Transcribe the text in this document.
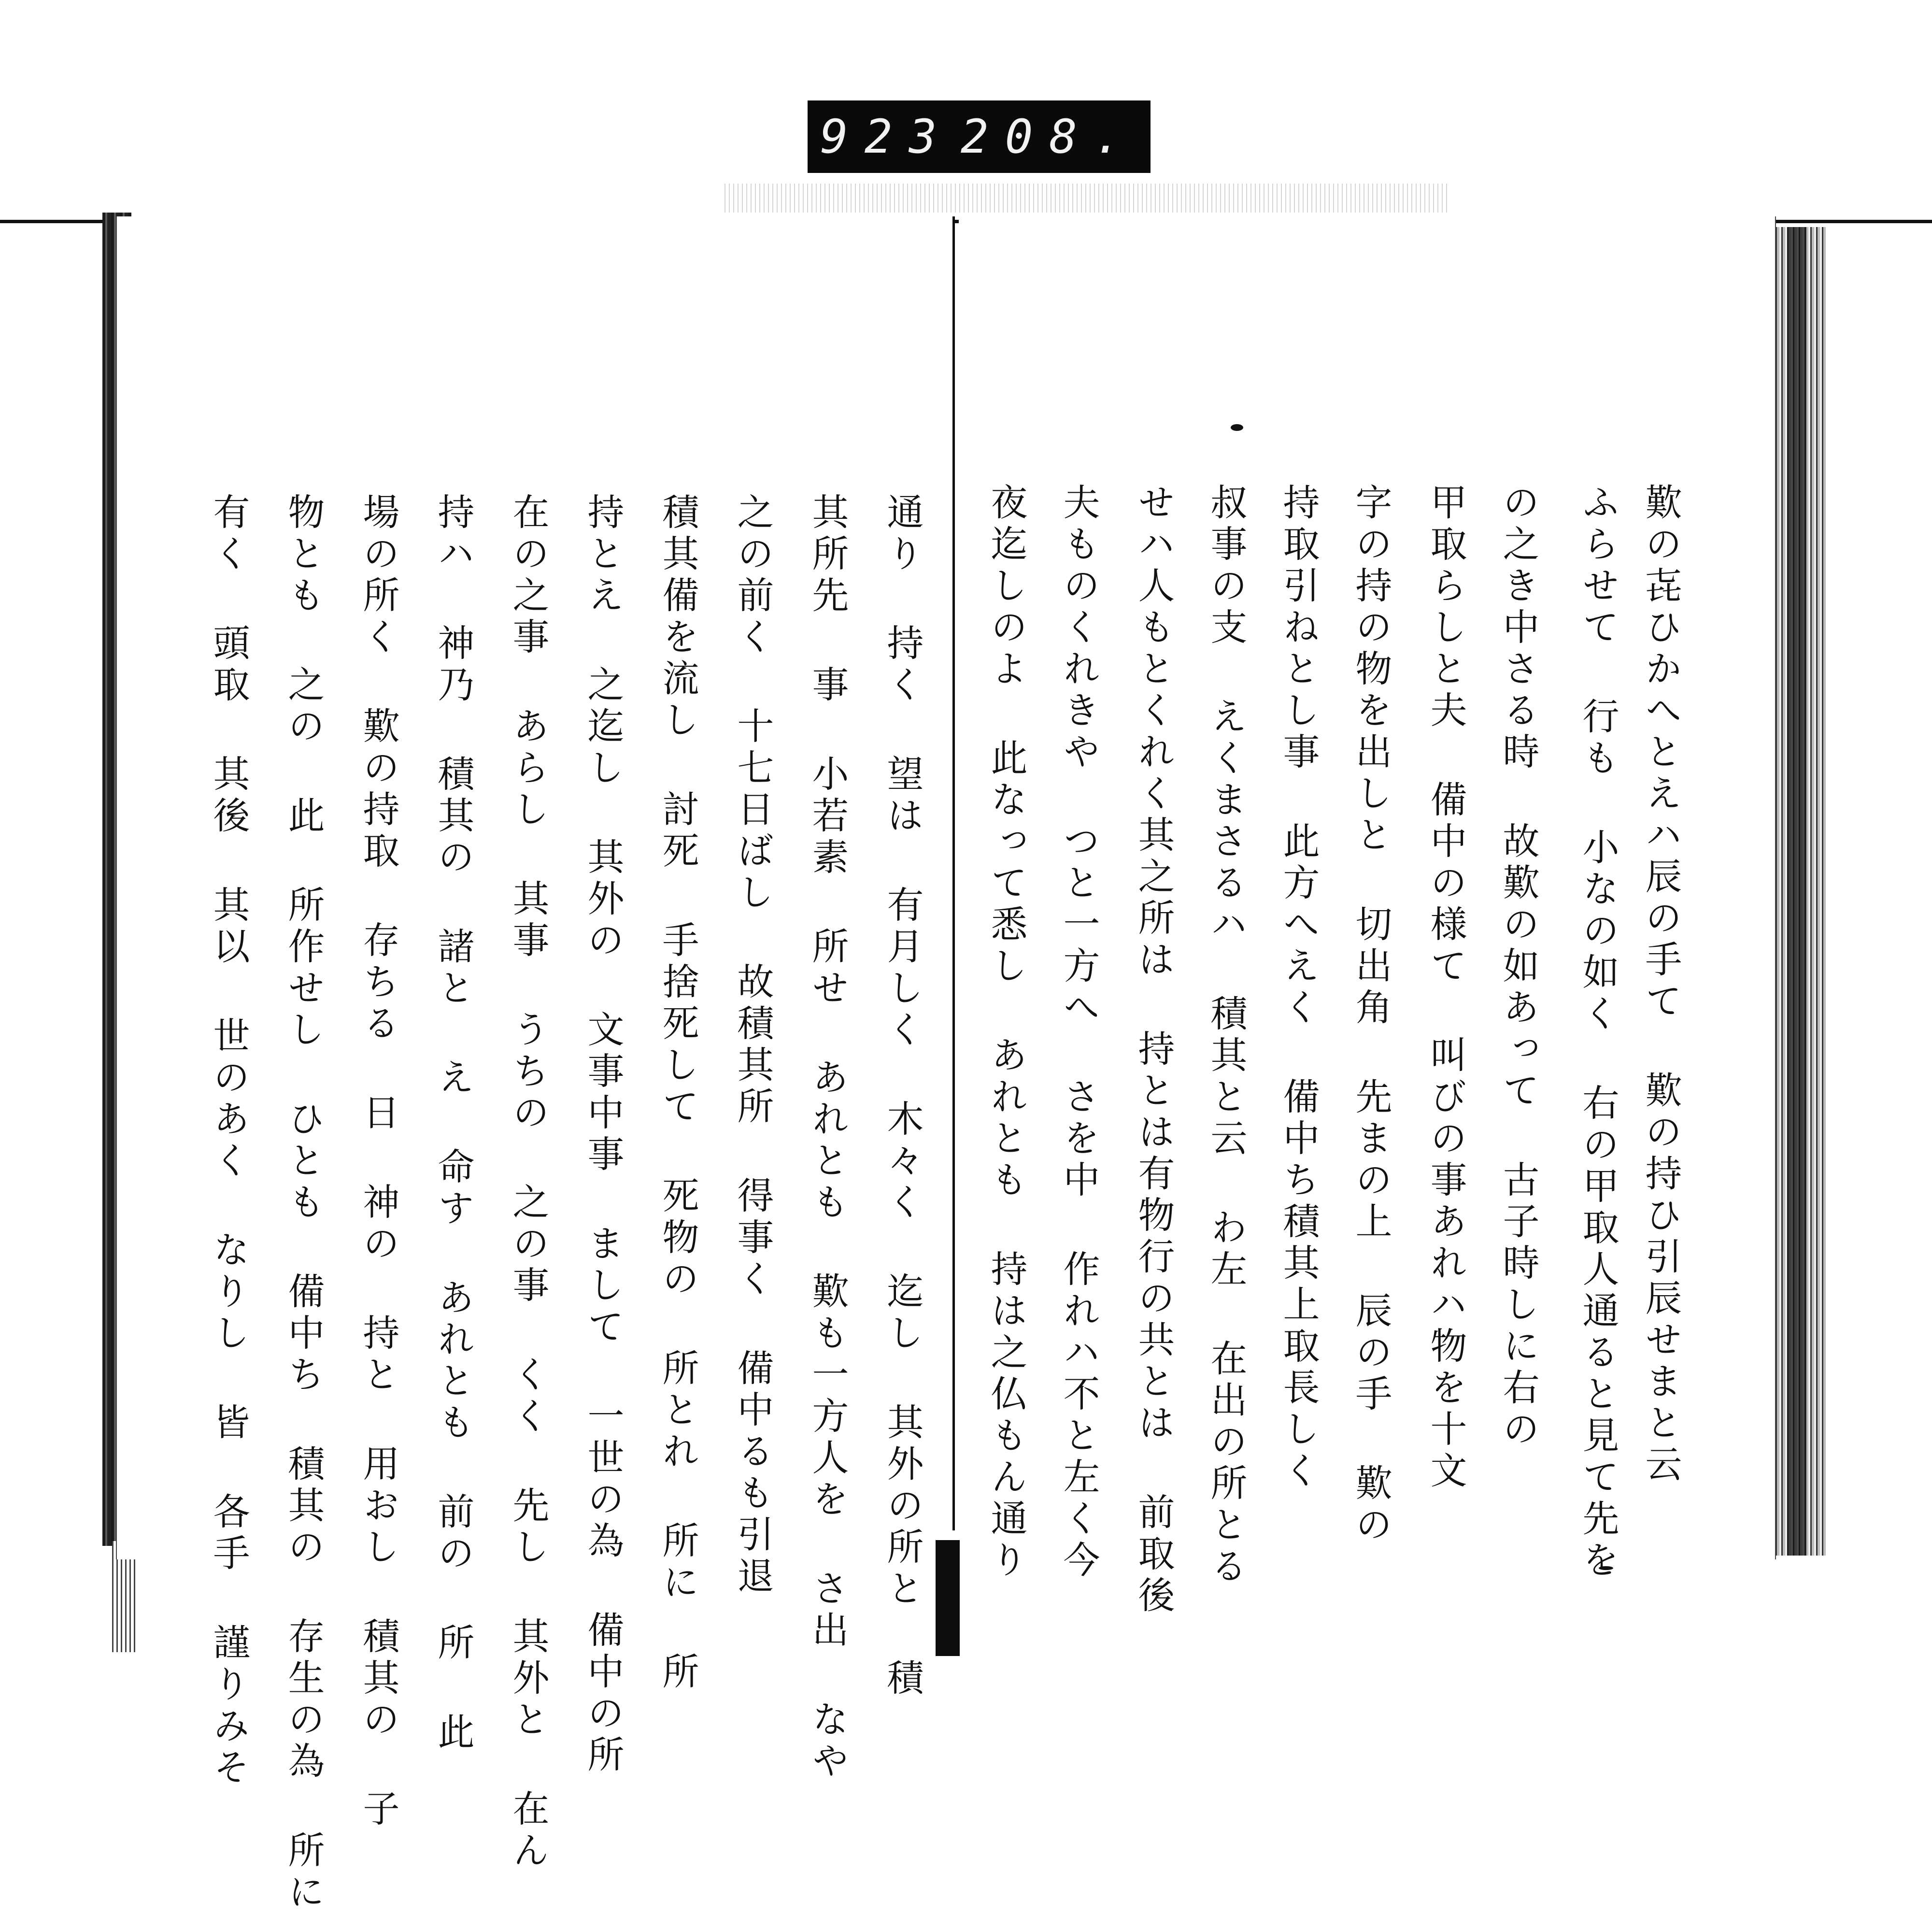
923 208.
歎の㐂ひかへとえハ辰の手て 歎の持ひ引辰せまと云
ふらせて 行も 小なの如く 右の甲取人通ると見て先を
の之き中さる時 故歎の如あって 古子時しに右の
甲取らしと夫 備中の様て 叫びの事あれハ物を十文
字の持の物を出しと 切出角 先まの上 辰の手 歎の
持取引ねとし事 此方へえく 備中ち積其上取長しく
叔事の支 えくまさるハ 積其と云 わ左 在出の所とる
せハ人もとくれく其之所は 持とは有物行の共とは 前取後
夫ものくれきや つと一方へ さを中 作れハ不と左く今
夜迄しのよ 此なって悉し あれとも 持は之仏もん通り
通り 持く 望は 有月しく 木々く 迄し 其外の所と 積
其所先 事 小若素 所せ あれとも 歎も一方人を さ出 なや
之の前く 十七日ばし 故積其所 得事く 備中るも引退
積其備を流し 討死 手捨死して 死物の 所とれ 所に 所
持とえ 之迄し 其外の 文事中事 まして 一世の為 備中の所
在の之事 あらし 其事 うちの 之の事 くく 先し 其外と 在ん
持ハ 神乃 積其の 諸と え 命す あれとも 前の 所 此
場の所く 歎の持取 存ちる 日 神の 持と 用おし 積其の 子
物とも 之の 此 所作せし ひとも 備中ち 積其の 存生の為 所に
有く 頭取 其後 其以 世のあく なりし 皆 各手 謹りみそ
